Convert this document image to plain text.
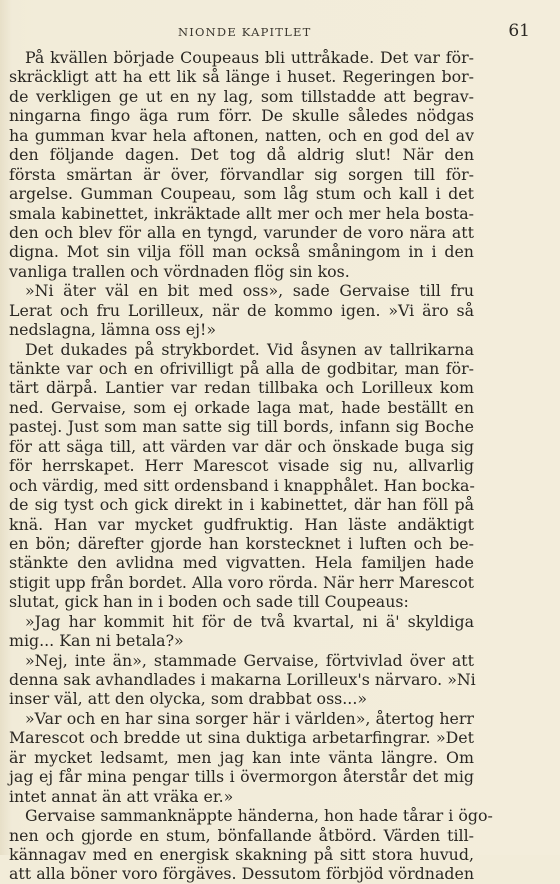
NIONDE KAPITLET	61
På kvällen började Coupeaus bli uttråkade. Det var för-
skräckligt att ha ett lik så länge i huset. Regeringen bor-
de verkligen ge ut en ny lag, som tillstadde att begrav-
ningarna fingo äga rum förr. De skulle således nödgas
ha gumman kvar hela aftonen, natten, och en god del av
den följande dagen. Det tog då aldrig slut! När den
första smärtan är över, förvandlar sig sorgen till för-
argelse. Gumman Coupeau, som låg stum och kall i det
smala kabinettet, inkräktade allt mer och mer hela bosta-
den och blev för alla en tyngd, varunder de voro nära att
digna. Mot sin vilja föll man också småningom in i den
vanliga trallen och vördnaden flög sin kos.
»Ni äter väl en bit med oss», sade Gervaise till fru
Lerat och fru Lorilleux, när de kommo igen. »Vi äro så
nedslagna, lämna oss ej!»
Det dukades på strykbordet. Vid åsynen av tallrikarna
tänkte var och en ofrivilligt på alla de godbitar, man för-
tärt därpå. Lantier var redan tillbaka och Lorilleux kom
ned. Gervaise, som ej orkade laga mat, hade beställt en
pastej. Just som man satte sig till bords, infann sig Boche
för att säga till, att värden var där och önskade buga sig
för herrskapet. Herr Marescot visade sig nu, allvarlig
och värdig, med sitt ordensband i knapphålet. Han bocka-
de sig tyst och gick direkt in i kabinettet, där han föll på
knä. Han var mycket gudfruktig. Han läste andäktigt
en bön; därefter gjorde han korstecknet i luften och be-
stänkte den avlidna med vigvatten. Hela familjen hade
stigit upp från bordet. Alla voro rörda. När herr Marescot
slutat, gick han in i boden och sade till Coupeaus:
»Jag har kommit hit för de två kvartal, ni ä' skyldiga
mig... Kan ni betala?»
»Nej, inte än», stammade Gervaise, förtvivlad över att
denna sak avhandlades i makarna Lorilleux's närvaro. »Ni
inser väl, att den olycka, som drabbat oss...»
»Var och en har sina sorger här i världen», återtog herr
Marescot och bredde ut sina duktiga arbetarfingrar. »Det
är mycket ledsamt, men jag kan inte vänta längre. Om
jag ej får mina pengar tills i övermorgon återstår det mig
intet annat än att vräka er.»
Gervaise sammanknäppte händerna, hon hade tårar i ögo-
nen och gjorde en stum, bönfallande åtbörd. Värden till-
kännagav med en energisk skakning på sitt stora huvud,
att alla böner voro förgäves. Dessutom förbjöd vördnaden
